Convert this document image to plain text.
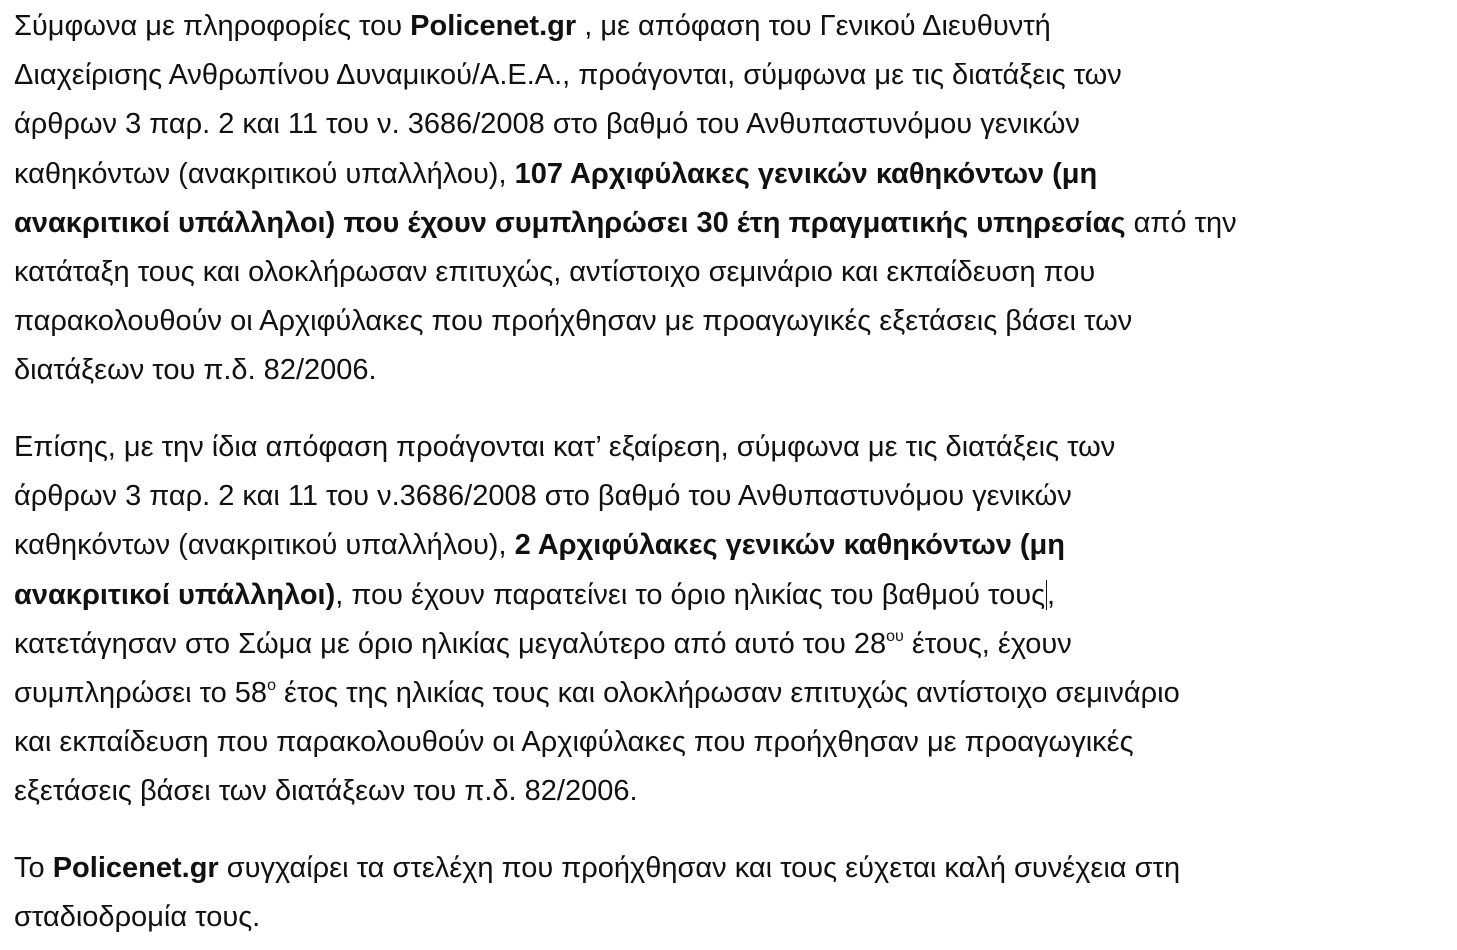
Σύμφωνα με πληροφορίες του Policenet.gr , με απόφαση του Γενικού Διευθυντή
Διαχείρισης Ανθρωπίνου Δυναμικού/Α.Ε.Α., προάγονται, σύμφωνα με τις διατάξεις των
άρθρων 3 παρ. 2 και 11 του ν. 3686/2008 στο βαθμό του Ανθυπαστυνόμου γενικών
καθηκόντων (ανακριτικού υπαλλήλου), 107 Αρχιφύλακες γενικών καθηκόντων (μη
ανακριτικοί υπάλληλοι) που έχουν συμπληρώσει 30 έτη πραγματικής υπηρεσίας από την
κατάταξη τους και ολοκλήρωσαν επιτυχώς, αντίστοιχο σεμινάριο και εκπαίδευση που
παρακολουθούν οι Αρχιφύλακες που προήχθησαν με προαγωγικές εξετάσεις βάσει των
διατάξεων του π.δ. 82/2006.

Επίσης, με την ίδια απόφαση προάγονται κατ’ εξαίρεση, σύμφωνα με τις διατάξεις των
άρθρων 3 παρ. 2 και 11 του ν.3686/2008 στο βαθμό του Ανθυπαστυνόμου γενικών
καθηκόντων (ανακριτικού υπαλλήλου), 2 Αρχιφύλακες γενικών καθηκόντων (μη
ανακριτικοί υπάλληλοι), που έχουν παρατείνει το όριο ηλικίας του βαθμού τους,
κατετάγησαν στο Σώμα με όριο ηλικίας μεγαλύτερο από αυτό του $28^{o\upsilon}$ έτους, έχουν
συμπληρώσει το $58^o$ έτος της ηλικίας τους και ολοκλήρωσαν επιτυχώς αντίστοιχο σεμινάριο
και εκπαίδευση που παρακολουθούν οι Αρχιφύλακες που προήχθησαν με προαγωγικές
εξετάσεις βάσει των διατάξεων του π.δ. 82/2006.

Το Policenet.gr συγχαίρει τα στελέχη που προήχθησαν και τους εύχεται καλή συνέχεια στη
σταδιοδρομία τους.
